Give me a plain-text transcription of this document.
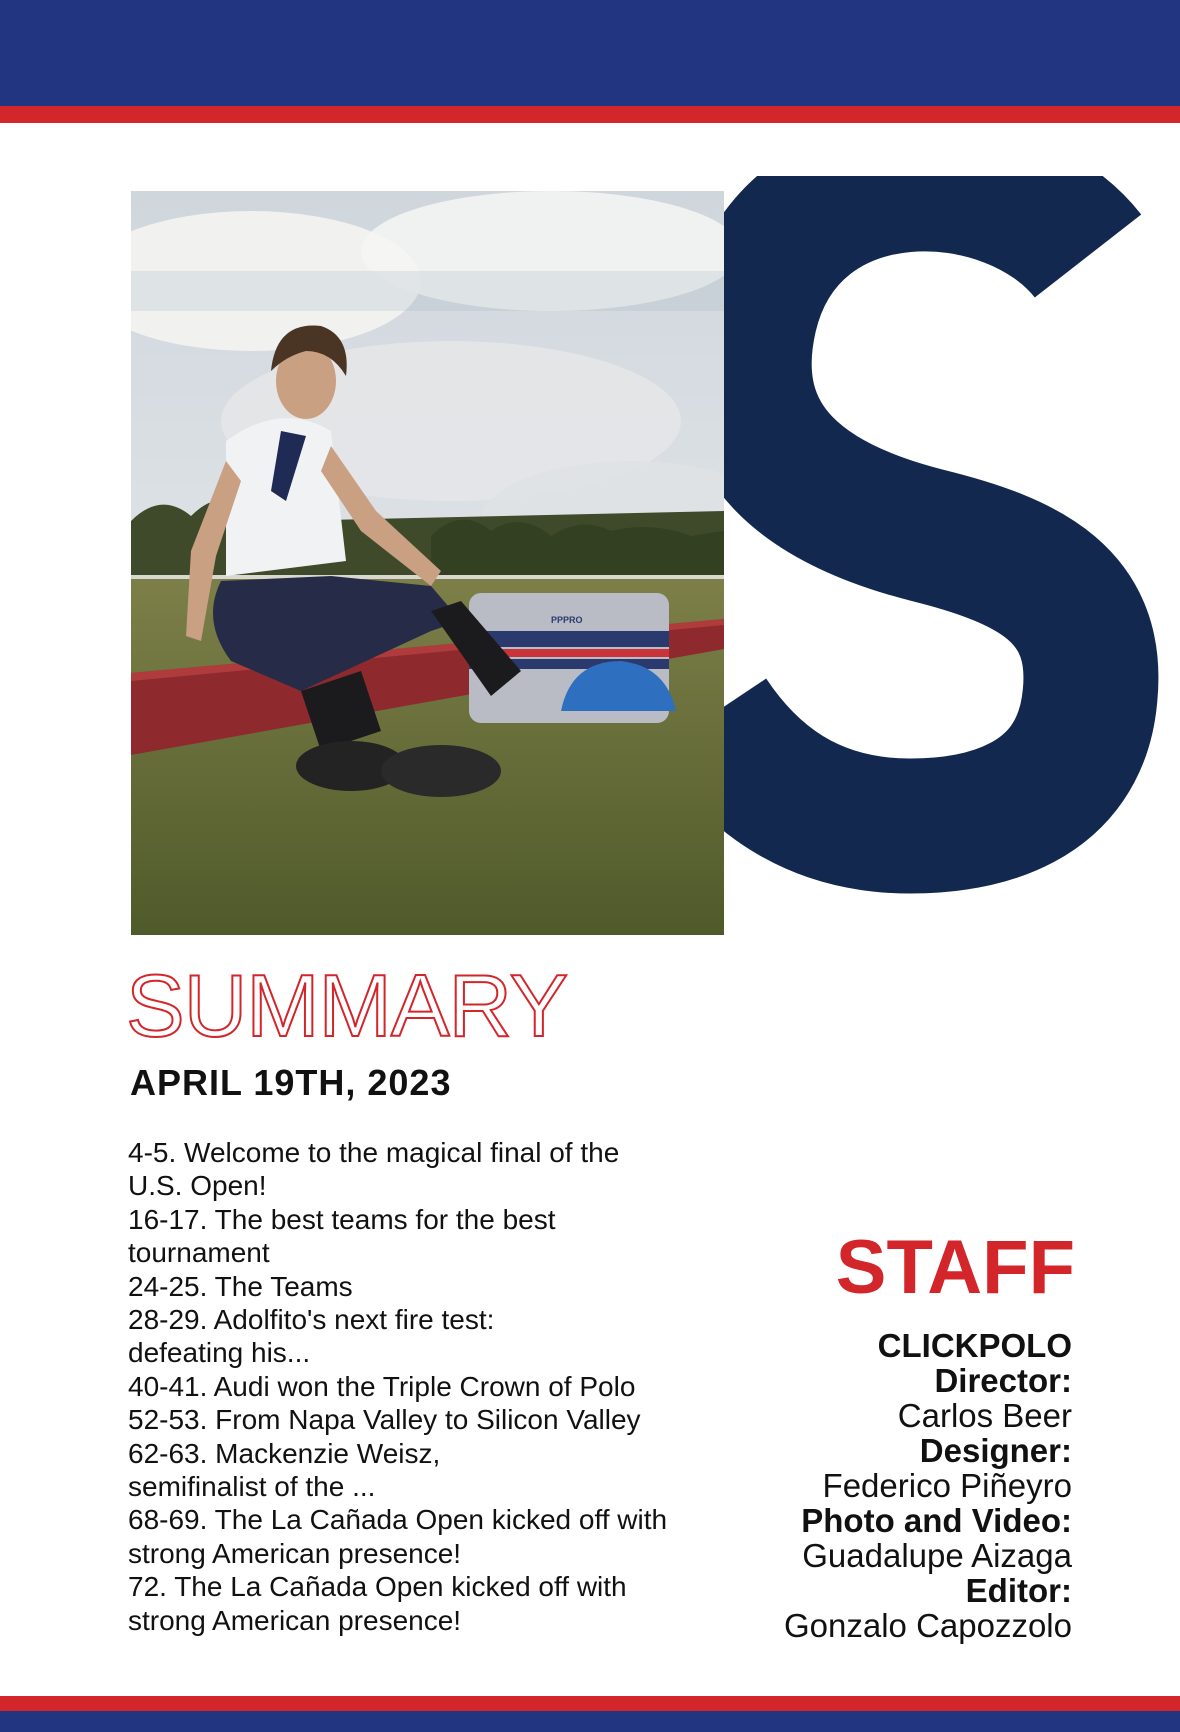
PPPRO
SUMMARY
APRIL 19TH, 2023
4-5. Welcome to the magical final of the
U.S. Open!
16-17. The best teams for the best
tournament
24-25. The Teams
28-29. Adolfito's next fire test:
defeating his...
40-41. Audi won the Triple Crown of Polo
52-53. From Napa Valley to Silicon Valley
62-63. Mackenzie Weisz,
semifinalist of the ...
68-69. The La Cañada Open kicked off with
strong American presence!
72. The La Cañada Open kicked off with
strong American presence!
STAFF
CLICKPOLO
Director:
Carlos Beer
Designer:
Federico Piñeyro
Photo and Video:
Guadalupe Aizaga
Editor:
Gonzalo Capozzolo
